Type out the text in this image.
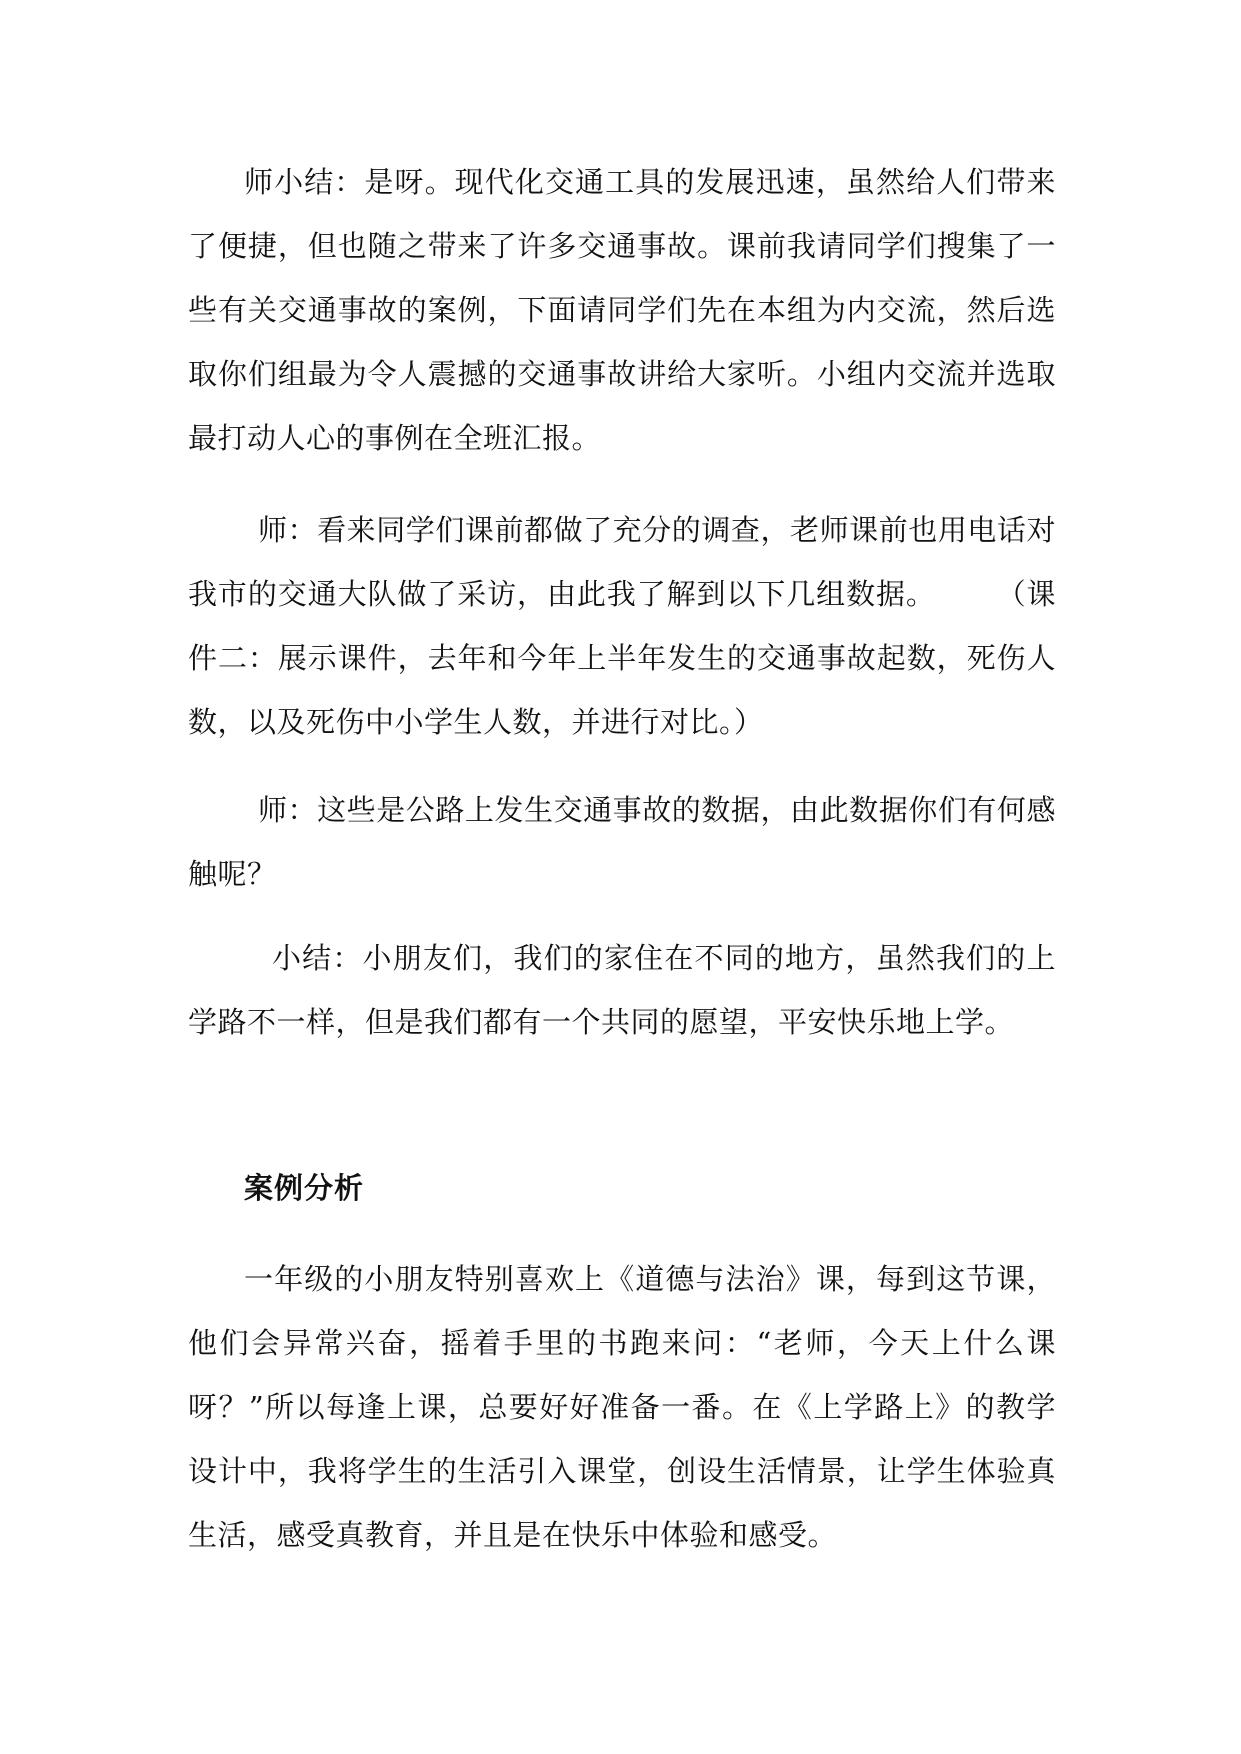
师小结：是呀。现代化交通工具的发展迅速，虽然给人们带来了便捷，但也随之带来了许多交通事故。课前我请同学们搜集了一些有关交通事故的案例，下面请同学们先在本组为内交流，然后选取你们组最为令人震撼的交通事故讲给大家听。小组内交流并选取最打动人心的事例在全班汇报。

师：看来同学们课前都做了充分的调查，老师课前也用电话对我市的交通大队做了采访，由此我了解到以下几组数据。　　　（课件二：展示课件，去年和今年上半年发生的交通事故起数，死伤人数，以及死伤中小学生人数，并进行对比。）

师：这些是公路上发生交通事故的数据，由此数据你们有何感触呢？

小结：小朋友们，我们的家住在不同的地方，虽然我们的上学路不一样，但是我们都有一个共同的愿望，平安快乐地上学。

案例分析

一年级的小朋友特别喜欢上《道德与法治》课，每到这节课，他们会异常兴奋，摇着手里的书跑来问：“老师，今天上什么课呀？”所以每逢上课，总要好好准备一番。在《上学路上》的教学设计中，我将学生的生活引入课堂，创设生活情景，让学生体验真生活，感受真教育，并且是在快乐中体验和感受。
